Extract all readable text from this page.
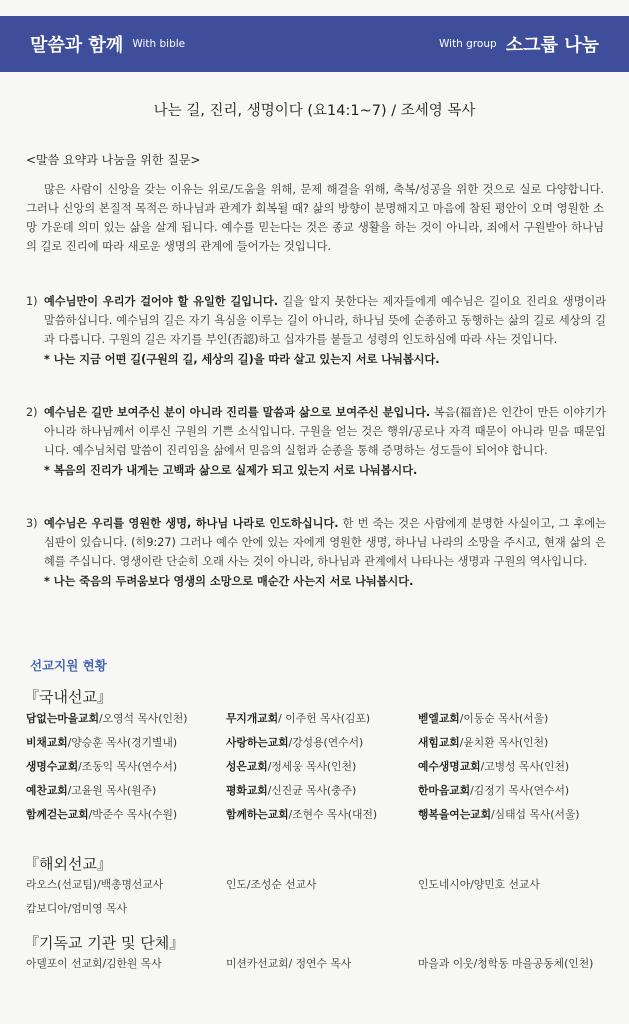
말씀과 함께 With bible	With group 소그룹 나눔
나는 길, 진리, 생명이다 (요14:1~7) / 조세영 목사
<말씀 요약과 나눔을 위한 질문>
많은 사람이 신앙을 갖는 이유는 위로/도움을 위해, 문제 해결을 위해, 축복/성공을 위한 것으로 실로 다양합니다. 그러나 신앙의 본질적 목적은 하나님과 관계가 회복될 때? 삶의 방향이 분명해지고 마음에 참된 평안이 오며 영원한 소망 가운데 의미 있는 삶을 살게 됩니다. 예수를 믿는다는 것은 종교 생활을 하는 것이 아니라, 죄에서 구원받아 하나님의 길로 진리에 따라 새로운 생명의 관계에 들어가는 것입니다.
1) 예수님만이 우리가 걸어야 할 유일한 길입니다. 길을 알지 못한다는 제자들에게 예수님은 길이요 진리요 생명이라 말씀하십니다. 예수님의 길은 자기 욕심을 이루는 길이 아니라, 하나님 뜻에 순종하고 동행하는 삶의 길로 세상의 길과 다릅니다. 구원의 길은 자기를 부인(否認)하고 십자가를 붙들고 성령의 인도하심에 따라 사는 것입니다.
* 나는 지금 어떤 길(구원의 길, 세상의 길)을 따라 살고 있는지 서로 나눠봅시다.
2) 예수님은 길만 보여주신 분이 아니라 진리를 말씀과 삶으로 보여주신 분입니다. 복음(福音)은 인간이 만든 이야기가 아니라 하나님께서 이루신 구원의 기쁜 소식입니다. 구원을 얻는 것은 행위/공로나 자격 때문이 아니라 믿음 때문입니다. 예수님처럼 말씀이 진리임을 삶에서 믿음의 실험과 순종을 통해 증명하는 성도들이 되어야 합니다.
* 복음의 진리가 내게는 고백과 삶으로 실제가 되고 있는지 서로 나눠봅시다.
3) 예수님은 우리를 영원한 생명, 하나님 나라로 인도하십니다. 한 번 죽는 것은 사람에게 분명한 사실이고, 그 후에는 심판이 있습니다. (히9:27) 그러나 예수 안에 있는 자에게 영원한 생명, 하나님 나라의 소망을 주시고, 현재 삶의 은혜를 주십니다. 영생이란 단순히 오래 사는 것이 아니라, 하나님과 관계에서 나타나는 생명과 구원의 역사입니다.
* 나는 죽음의 두려움보다 영생의 소망으로 매순간 사는지 서로 나눠봅시다.
선교지원 현황
『국내선교』
담없는마을교회/오영석 목사(인천)	무지개교회/ 이주헌 목사(김포)	벧엘교회/이동순 목사(서울)
비채교회/양승훈 목사(경기별내)	사랑하는교회/강성용(연수서)	새힘교회/윤치환 목사(인천)
생명수교회/조동익 목사(연수서)	성은교회/정세웅 목사(인천)	예수생명교회/고병성 목사(인천)
예찬교회/고윤원 목사(원주)	평화교회/신진균 목사(충주)	한마음교회/김정기 목사(연수서)
함께걷는교회/박준수 목사(수원)	함께하는교회/조현수 목사(대전)	행복을여는교회/심태섭 목사(서울)
『해외선교』
라오스(선교팀)/백총명선교사	인도/조성순 선교사	인도네시아/양민호 선교사
캄보디아/엄미영 목사
『기독교 기관 및 단체』
아델포이 선교회/김한원 목사	미션카선교회/ 정연수 목사	마을과 이웃/청학동 마을공동체(인천)
